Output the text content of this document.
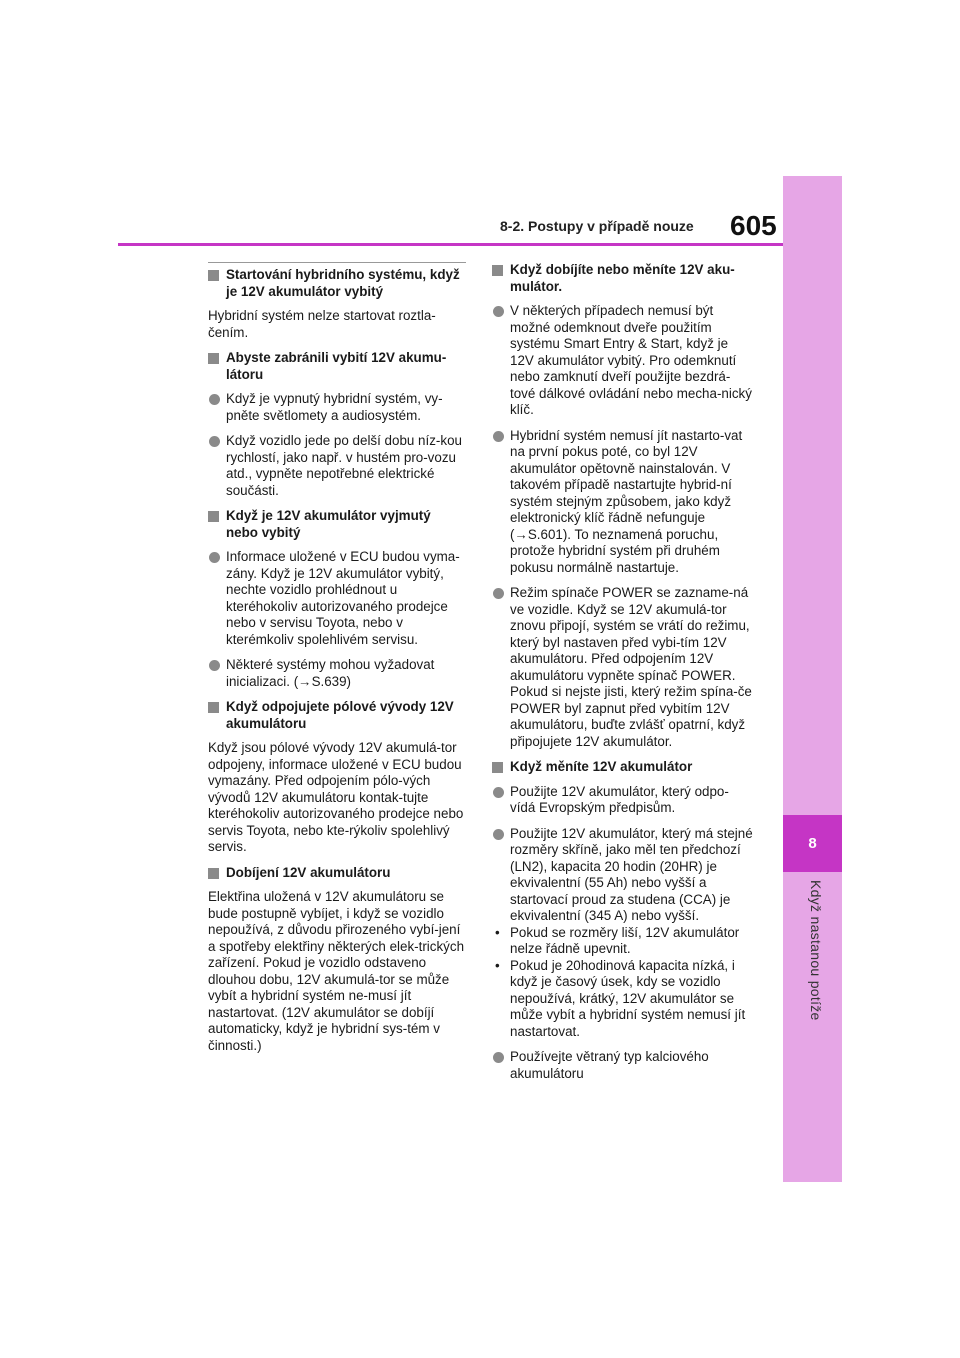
8
Když nastanou potíže
8-2. Postupy v případě nouze 605
Startování hybridního systému, když je 12V akumulátor vybitý
Hybridní systém nelze startovat roztla-čením.
Abyste zabránili vybití 12V akumu-látoru
Když je vypnutý hybridní systém, vy-pněte světlomety a audiosystém.
Když vozidlo jede po delší dobu níz-kou rychlostí, jako např. v hustém pro-vozu atd., vypněte nepotřebné elektrické součásti.
Když je 12V akumulátor vyjmutý nebo vybitý
Informace uložené v ECU budou vyma-zány. Když je 12V akumulátor vybitý, nechte vozidlo prohlédnout u kteréhokoliv autorizovaného prodejce nebo v servisu Toyota, nebo v kterémkoliv spolehlivém servisu.
Některé systémy mohou vyžadovat inicializaci. (→S.639)
Když odpojujete pólové vývody 12V akumulátoru
Když jsou pólové vývody 12V akumulá-tor odpojeny, informace uložené v ECU budou vymazány. Před odpojením pólo-vých vývodů 12V akumulátoru kontak-tujte kteréhokoliv autorizovaného prodejce nebo servis Toyota, nebo kte-rýkoliv spolehlivý servis.
Dobíjení 12V akumulátoru
Elektřina uložená v 12V akumulátoru se bude postupně vybíjet, i když se vozidlo nepoužívá, z důvodu přirozeného vybí-jení a spotřeby elektřiny některých elek-trických zařízení. Pokud je vozidlo odstaveno dlouhou dobu, 12V akumulá-tor se může vybít a hybridní systém ne-musí jít nastartovat. (12V akumulátor se dobíjí automaticky, když je hybridní sys-tém v činnosti.)
Když dobíjíte nebo měníte 12V aku-mulátor.
V některých případech nemusí být možné odemknout dveře použitím systému Smart Entry & Start, když je 12V akumulátor vybitý. Pro odemknutí nebo zamknutí dveří použijte bezdrá-tové dálkové ovládání nebo mecha-nický klíč.
Hybridní systém nemusí jít nastarto-vat na první pokus poté, co byl 12V akumulátor opětovně nainstalován. V takovém případě nastartujte hybrid-ní systém stejným způsobem, jako když elektronický klíč řádně nefunguje (→S.601). To neznamená poruchu, protože hybridní systém při druhém pokusu normálně nastartuje.
Režim spínače POWER se zazname-ná ve vozidle. Když se 12V akumulá-tor znovu připojí, systém se vrátí do režimu, který byl nastaven před vybi-tím 12V akumulátoru. Před odpojením 12V akumulátoru vypněte spínač POWER. Pokud si nejste jisti, který režim spína-če POWER byl zapnut před vybitím 12V akumulátoru, buďte zvlášť opatrní, když připojujete 12V akumulátor.
Když měníte 12V akumulátor
Použijte 12V akumulátor, který odpo-vídá Evropským předpisům.
Použijte 12V akumulátor, který má stejné rozměry skříně, jako měl ten předchozí (LN2), kapacita 20 hodin (20HR) je ekvivalentní (55 Ah) nebo vyšší a startovací proud za studena (CCA) je ekvivalentní (345 A) nebo vyšší.
• Pokud se rozměry liší, 12V akumulátor nelze řádně upevnit.
• Pokud je 20hodinová kapacita nízká, i když je časový úsek, kdy se vozidlo nepoužívá, krátký, 12V akumulátor se může vybít a hybridní systém nemusí jít nastartovat.
Používejte větraný typ kalciového akumulátoru
